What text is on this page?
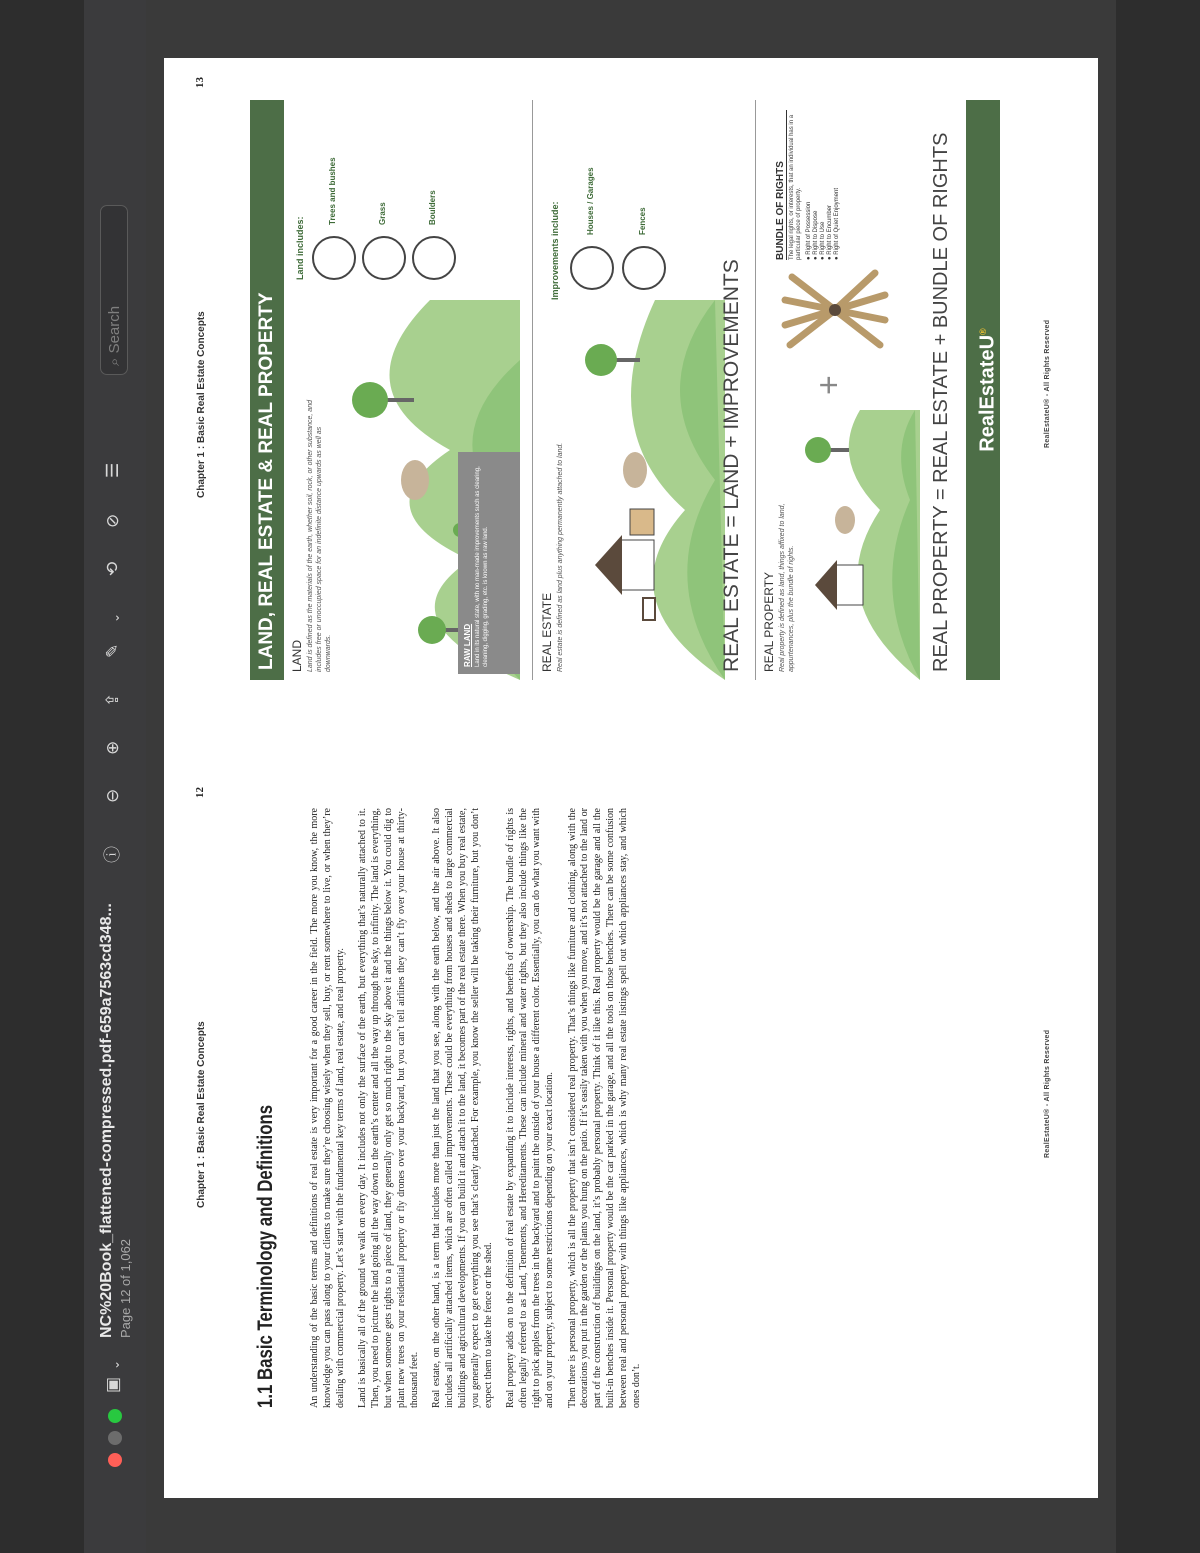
▣
⌄
NC%20Book_flattened-compressed.pdf-659a7563cd348... Page 12 of 1,062
ⓘ
⊖
⊕
⇪
✎
⌄
⟲
⊘
☰
⌕ Search
Chapter 1 : Basic Real Estate Concepts
12
1.1 Basic Terminology and Definitions	An understanding of the basic terms and definitions of real estate is very important for a good career in the field. The more you know, the more knowledge you can pass along to your clients to make sure they’re choosing wisely when they sell, buy, or rent somewhere to live, or when they’re dealing with commercial property. Let’s start with the fundamental key terms of land, real estate, and real property. Land is basically all of the ground we walk on every day. It includes not only the surface of the earth, but everything that’s naturally attached to it. Then, you need to picture the land going all the way down to the earth’s center and all the way up through the sky, to infinity. The land is everything, but when someone gets rights to a piece of land, they generally only get so much right to the sky above it and the things below it. You could dig to plant new trees on your residential property or fly drones over your backyard, but you can’t tell airlines they can’t fly over your house at thirty-thousand feet. Real estate, on the other hand, is a term that includes more than just the land that you see, along with the earth below, and the air above. It also includes all artificially attached items, which are often called improvements. These could be everything from houses and sheds to large commercial buildings and agricultural developments. If you can build it and attach it to the land, it becomes part of the real estate there. When you buy real estate, you generally expect to get everything you see that’s clearly attached. For example, you know the seller will be taking their furniture, but you don’t expect them to take the fence or the shed. Real property adds on to the definition of real estate by expanding it to include interests, rights, and benefits of ownership. The bundle of rights is often legally referred to as Land, Tenements, and Hereditaments. These can include mineral and water rights, but they also include things like the right to pick apples from the trees in the backyard and to paint the outside of your house a different color. Essentially, you can do what you want with and on your property, subject to some restrictions depending on your exact location. Then there is personal property, which is all the property that isn’t considered real property. That’s things like furniture and clothing, along with the decorations you put in the garden or the plants you hung on the patio. If it’s easily taken with you when you move, and it’s not attached to the land or part of the construction of buildings on the land, it’s probably personal property. Think of it like this. Real property would be the garage and all the built-in benches inside it. Personal property would be the car parked in the garage, and all the tools on those benches. There can be some confusion between real and personal property with things like appliances, which is why many real estate listings spell out which appliances stay, and which ones don’t.

RealEstateU® - All Rights Reserved
Chapter 1 : Basic Real Estate Concepts
13
LAND, REAL ESTATE & REAL PROPERTY	LAND Land is defined as the materials of the earth, whether soil, rock, or other substance, and includes free or unoccupied space for an indefinite distance upwards as well as downwards.	RAW LAND Land in its natural state, with no man-made improvements such as clearing, cleaning, digging, grading, etc. is known as raw land.
Land includes:
Trees and bushes	Grass	Boulders
REAL ESTATE Real estate is defined as land plus anything permanently attached to land.
Improvements include:
Houses / Garages	Fences
REAL ESTATE = LAND + IMPROVEMENTS REAL PROPERTY Real property is defined as land, things affixed to land, appurtenances, plus the bundle of rights.
+
BUNDLE OF RIGHTS The legal rights, or interests, that an individual has in a particular piece of property. ● Right of Possession
● Right to Dispose
● Right to Use
● Right to Encumber
● Right of Quiet Enjoyment	REAL PROPERTY = REAL ESTATE + BUNDLE OF RIGHTS	RealEstateU®	RealEstateU® - All Rights Reserved
